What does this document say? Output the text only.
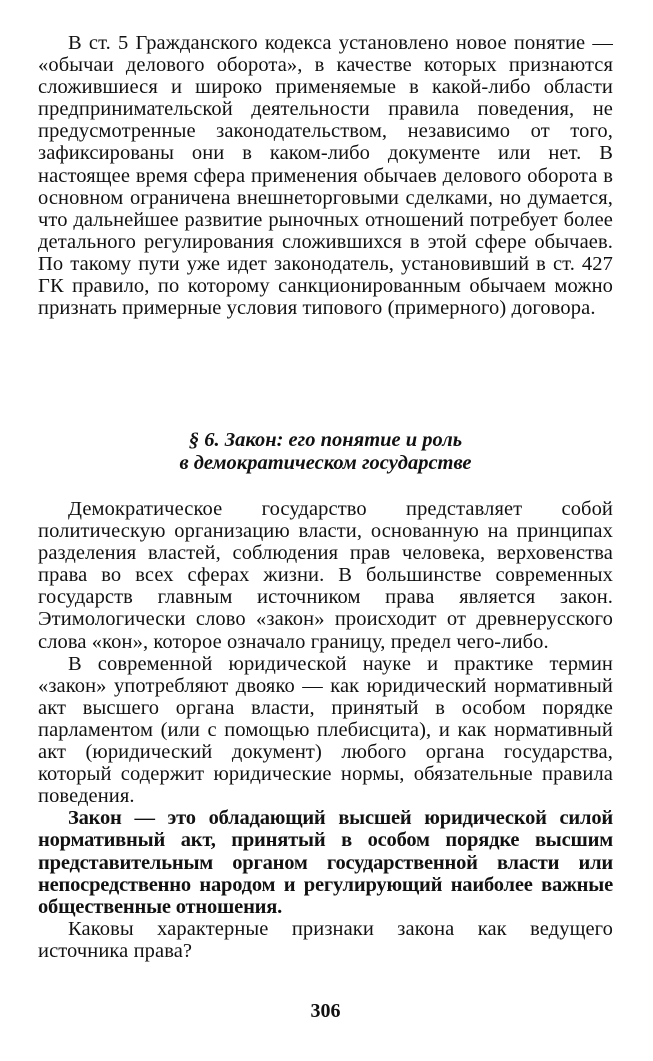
В ст. 5 Гражданского кодекса установлено новое понятие — «обычаи делового оборота», в качестве которых признаются сложившиеся и широко применяемые в какой-либо области предпринимательской деятельности правила поведения, не предусмотренные законодательством, независимо от того, зафиксированы они в каком-либо документе или нет. В настоящее время сфера применения обычаев делового оборота в основном ограничена внешнеторговыми сделками, но думается, что дальнейшее развитие рыночных отношений потребует более детального регулирования сложившихся в этой сфере обычаев. По такому пути уже идет законодатель, установивший в ст. 427 ГК правило, по которому санкционированным обычаем можно признать примерные условия типового (примерного) договора.

§ 6. Закон: его понятие и роль
в демократическом государстве

Демократическое государство представляет собой политическую организацию власти, основанную на принципах разделения властей, соблюдения прав человека, верховенства права во всех сферах жизни. В большинстве современных государств главным источником права является закон. Этимологически слово «закон» происходит от древнерусского слова «кон», которое означало границу, предел чего-либо.

В современной юридической науке и практике термин «закон» употребляют двояко — как юридический нормативный акт высшего органа власти, принятый в особом порядке парламентом (или с помощью плебисцита), и как нормативный акт (юридический документ) любого органа государства, который содержит юридические нормы, обязательные правила поведения.

Закон — это обладающий высшей юридической силой нормативный акт, принятый в особом порядке высшим представительным органом государственной власти или непосредственно народом и регулирующий наиболее важные общественные отношения.

Каковы характерные признаки закона как ведущего источника права?

306
